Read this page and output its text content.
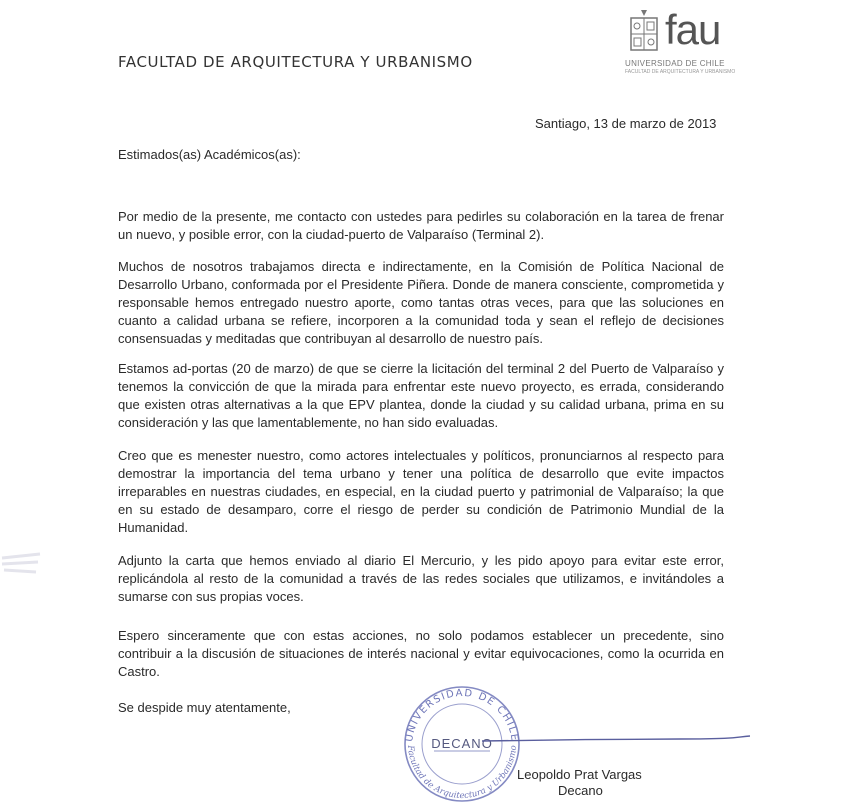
fau
UNIVERSIDAD DE CHILE
FACULTAD DE ARQUITECTURA Y URBANISMO
FACULTAD DE ARQUITECTURA Y URBANISMO
Santiago, 13 de marzo de 2013
Estimados(as) Académicos(as):
Por medio de la presente, me contacto con ustedes para pedirles su colaboración en la tarea de frenar un nuevo, y posible error, con la ciudad-puerto de Valparaíso (Terminal 2).
Muchos de nosotros trabajamos directa e indirectamente, en la Comisión de Política Nacional de Desarrollo Urbano, conformada por el Presidente Piñera. Donde de manera consciente, comprometida y responsable hemos entregado nuestro aporte, como tantas otras veces, para que las soluciones en cuanto a calidad urbana se refiere, incorporen a la comunidad toda y sean el reflejo de decisiones consensuadas y meditadas que contribuyan al desarrollo de nuestro país.
Estamos ad-portas (20 de marzo) de que se cierre la licitación del terminal 2 del Puerto de Valparaíso y tenemos la convicción de que la mirada para enfrentar este nuevo proyecto, es errada, considerando que existen otras alternativas a la que EPV plantea, donde la ciudad y su calidad urbana, prima en su consideración y las que lamentablemente, no han sido evaluadas.
Creo que es menester nuestro, como actores intelectuales y políticos, pronunciarnos al respecto para demostrar la importancia del tema urbano y tener una política de desarrollo que evite impactos irreparables en nuestras ciudades, en especial, en la ciudad puerto y patrimonial de Valparaíso; la que en su estado de desamparo, corre el riesgo de perder su condición de Patrimonio Mundial de la Humanidad.
Adjunto la carta que hemos enviado al diario El Mercurio, y les pido apoyo para evitar este error, replicándola al resto de la comunidad a través de las redes sociales que utilizamos, e invitándoles a sumarse con sus propias voces.
Espero sinceramente que con estas acciones, no solo podamos establecer un precedente, sino contribuir a la discusión de situaciones de interés nacional y evitar equivocaciones, como la ocurrida en Castro.
Se despide muy atentamente,
UNIVERSIDAD DE CHILE
Facultad de Arquitectura y Urbanismo
DECANO
Leopoldo Prat Vargas
Decano
